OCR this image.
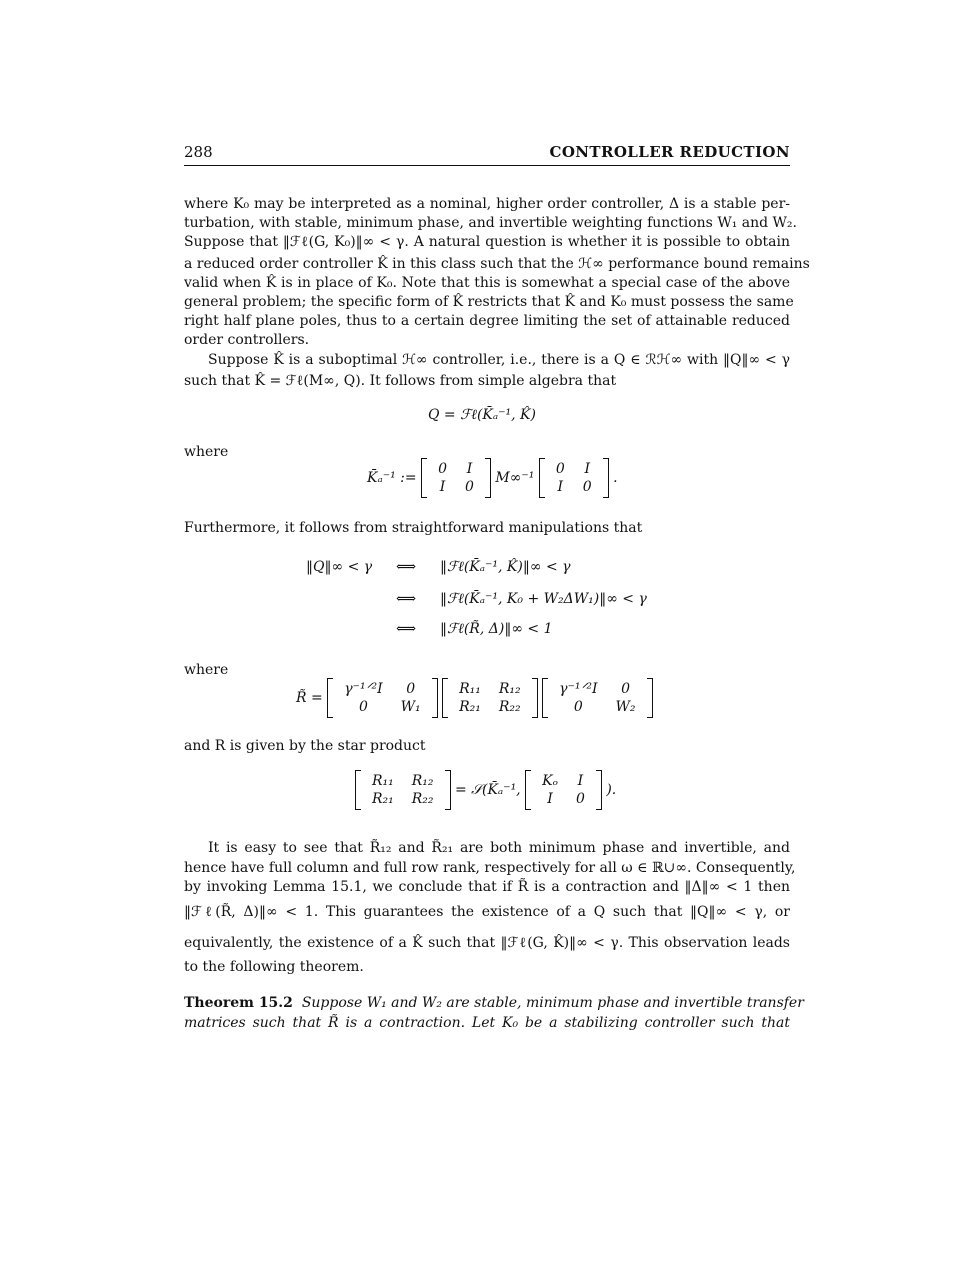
288	CONTROLLER REDUCTION
where K₀ may be interpreted as a nominal, higher order controller, Δ is a stable per-
turbation, with stable, minimum phase, and invertible weighting functions W₁ and W₂.
Suppose that ‖ℱℓ(G, K₀)‖∞ < γ. A natural question is whether it is possible to obtain
a reduced order controller K̂ in this class such that the ℋ∞ performance bound remains
valid when K̂ is in place of K₀. Note that this is somewhat a special case of the above
general problem; the specific form of K̂ restricts that K̂ and K₀ must possess the same
right half plane poles, thus to a certain degree limiting the set of attainable reduced
order controllers.
Suppose K̂ is a suboptimal ℋ∞ controller, i.e., there is a Q ∈ ℛℋ∞ with ‖Q‖∞ < γ
such that K̂ = ℱℓ(M∞, Q). It follows from simple algebra that
Q = ℱℓ(K̄ₐ⁻¹, K̂)
where
K̄ₐ⁻¹ :=
0	I
I	0
M∞⁻¹
0	I
I	0
.
Furthermore, it follows from straightforward manipulations that
‖Q‖∞ < γ ⟺ ‖ℱℓ(K̄ₐ⁻¹, K̂)‖∞ < γ
⟺ ‖ℱℓ(K̄ₐ⁻¹, K₀ + W₂ΔW₁)‖∞ < γ
⟺ ‖ℱℓ(R̃, Δ)‖∞ < 1
where
R̃ =
γ⁻¹ᐟ²I	0
0	W₁

R₁₁	R₁₂
R₂₁	R₂₂

γ⁻¹ᐟ²I	0
0	W₂
and R is given by the star product
R₁₁	R₁₂
R₂₁	R₂₂
= 𝒮(K̄ₐ⁻¹,
Kₒ	I
I	0
).
It is easy to see that R̃₁₂ and R̃₂₁ are both minimum phase and invertible, and
hence have full column and full row rank, respectively for all ω ∈ ℝ∪∞. Consequently,
by invoking Lemma 15.1, we conclude that if R̃ is a contraction and ‖Δ‖∞ < 1 then
‖ℱℓ(R̃, Δ)‖∞ < 1. This guarantees the existence of a Q such that ‖Q‖∞ < γ, or
equivalently, the existence of a K̂ such that ‖ℱℓ(G, K̂)‖∞ < γ. This observation leads
to the following theorem.
Theorem 15.2 Suppose W₁ and W₂ are stable, minimum phase and invertible transfer
matrices such that R̃ is a contraction. Let K₀ be a stabilizing controller such that
